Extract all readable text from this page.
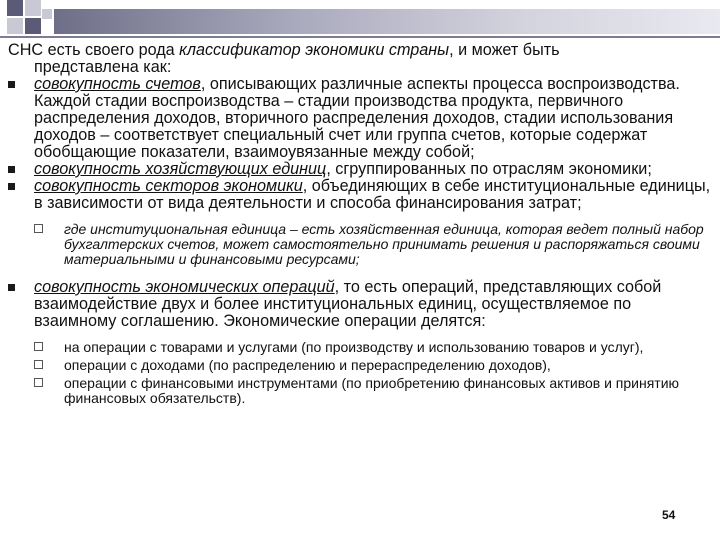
СНС есть своего рода классификатор экономики страны, и может быть
представлена как:

совокупность счетов, описывающих различные аспекты процесса воспроизводства. Каждой стадии воспроизводства – стадии производства продукта, первичного распределения доходов, вторичного распределения доходов, стадии использования доходов – соответствует специальный счет или группа счетов, которые содержат обобщающие показатели, взаимоувязанные между собой;
совокупность хозяйствующих единиц, сгруппированных по отраслям экономики;
совокупность секторов экономики, объединяющих в себе институциональные единицы, в зависимости от вида деятельности и способа финансирования затрат;
где институциональная единица – есть хозяйственная единица, которая ведет полный набор бухгалтерских счетов, может самостоятельно принимать решения и распоряжаться своими материальными и финансовыми ресурсами;
совокупность экономических операций, то есть операций, представляющих собой взаимодействие двух и более институциональных единиц, осуществляемое по взаимному соглашению. Экономические операции делятся:
на операции с товарами и услугами (по производству и использованию товаров и услуг),
операции с доходами (по распределению и перераспределению доходов),
операции с финансовыми инструментами (по приобретению финансовых активов и принятию финансовых обязательств).
54
